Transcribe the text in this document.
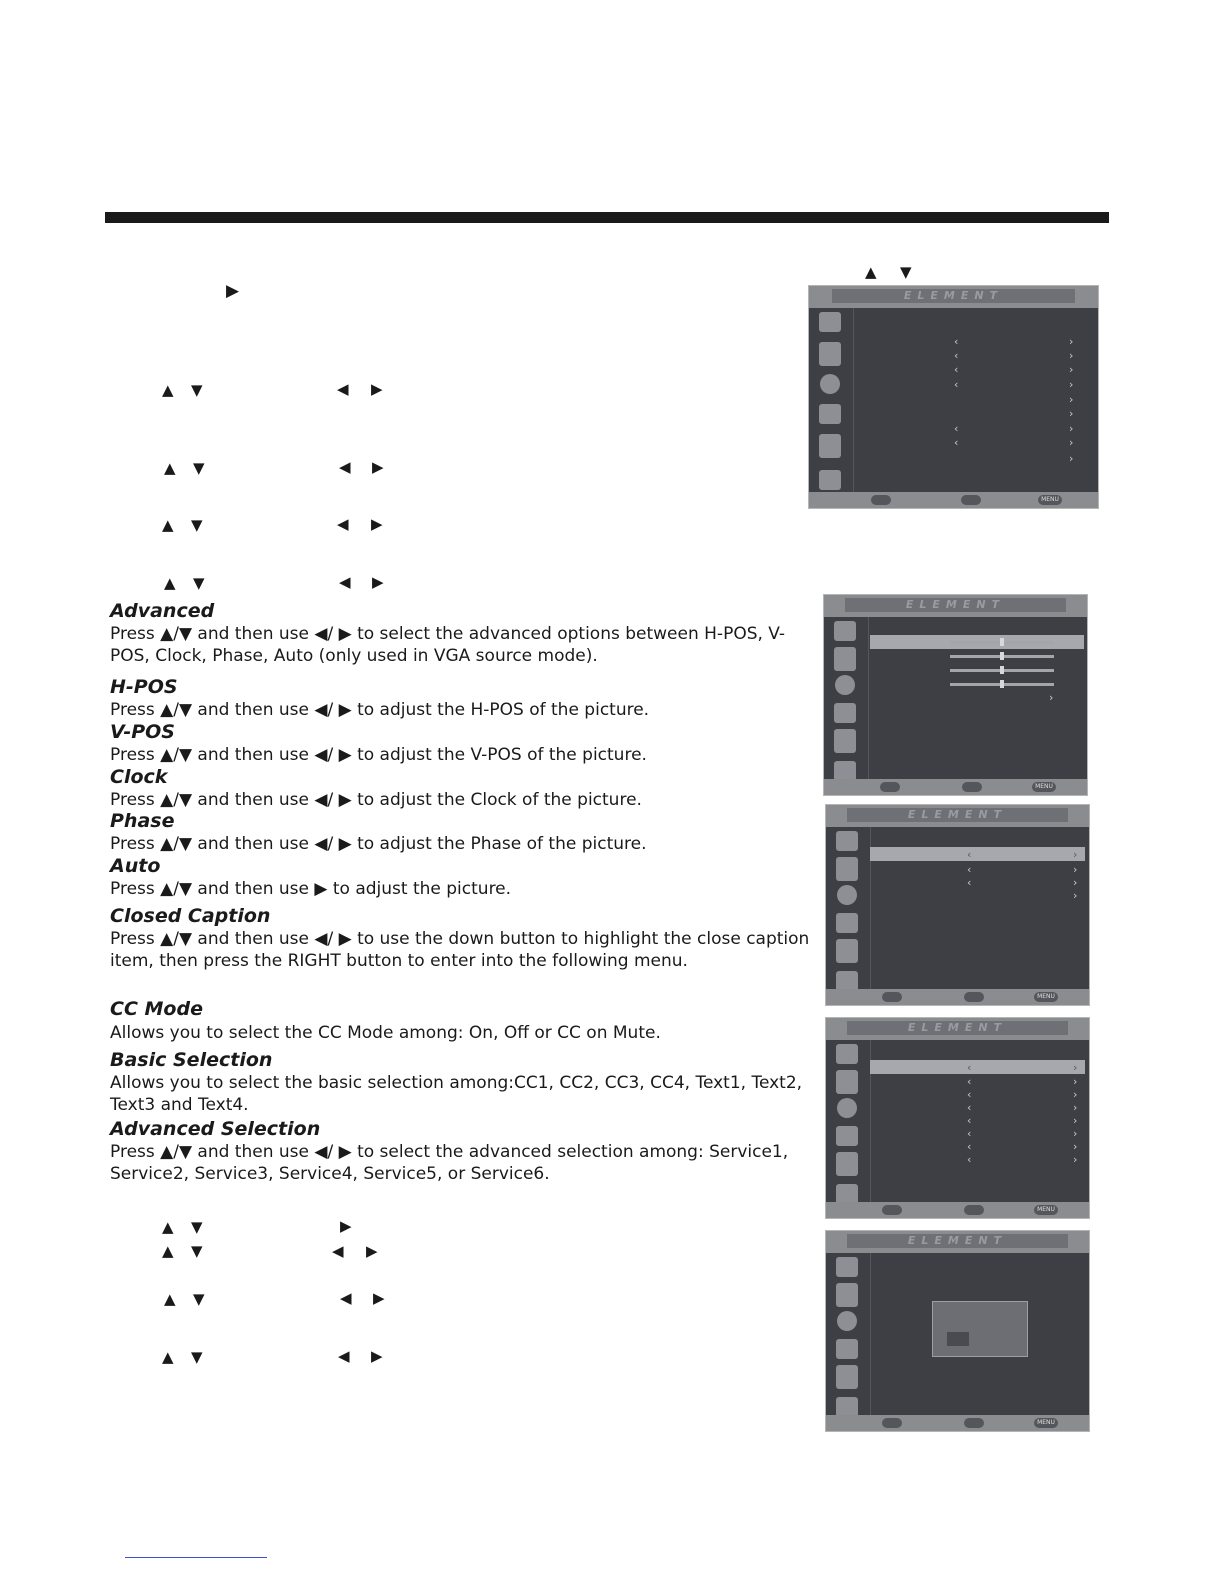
▲ ▼
▶
▲ ▼	◀ ▶
▲ ▼	◀ ▶
▲ ▼	◀ ▶
▲ ▼	◀ ▶
Advanced
Press ▲/▼ and then use ◀/ ▶ to select the advanced options between H-POS, V-POS, Clock, Phase, Auto (only used in VGA source mode).
H-POS
Press ▲/▼ and then use ◀/ ▶ to adjust the H-POS of the picture.
V-POS
Press ▲/▼ and then use ◀/ ▶ to adjust the V-POS of the picture.
Clock
Press ▲/▼ and then use ◀/ ▶ to adjust the Clock of the picture.
Phase
Press ▲/▼ and then use ◀/ ▶ to adjust the Phase of the picture.
Auto
Press ▲/▼ and then use ▶ to adjust the picture.
Closed Caption
Press ▲/▼ and then use ◀/ ▶ to use the down button to highlight the close caption item, then press the RIGHT button to enter into the following menu.
CC Mode
Allows you to select the CC Mode among: On, Off or CC on Mute.
Basic Selection
Allows you to select the basic selection among:CC1, CC2, CC3, CC4, Text1, Text2, Text3 and Text4.
Advanced Selection
Press ▲/▼ and then use ◀/ ▶ to select the advanced selection among: Service1, Service2, Service3, Service4, Service5, or Service6.
▲ ▼	▶
▲ ▼	◀ ▶
▲ ▼	◀ ▶
▲ ▼	◀ ▶
ELEMENT
‹	›
‹	›
‹	›
‹	›
›
›
‹	›
‹	›
›
MENU
ELEMENT
›
MENU
ELEMENT
‹	›
‹	›
‹	›
›
MENU
ELEMENT
‹	›
‹	›
‹	›
‹	›
‹	›
‹	›
‹	›
‹	›
MENU
ELEMENT
MENU
